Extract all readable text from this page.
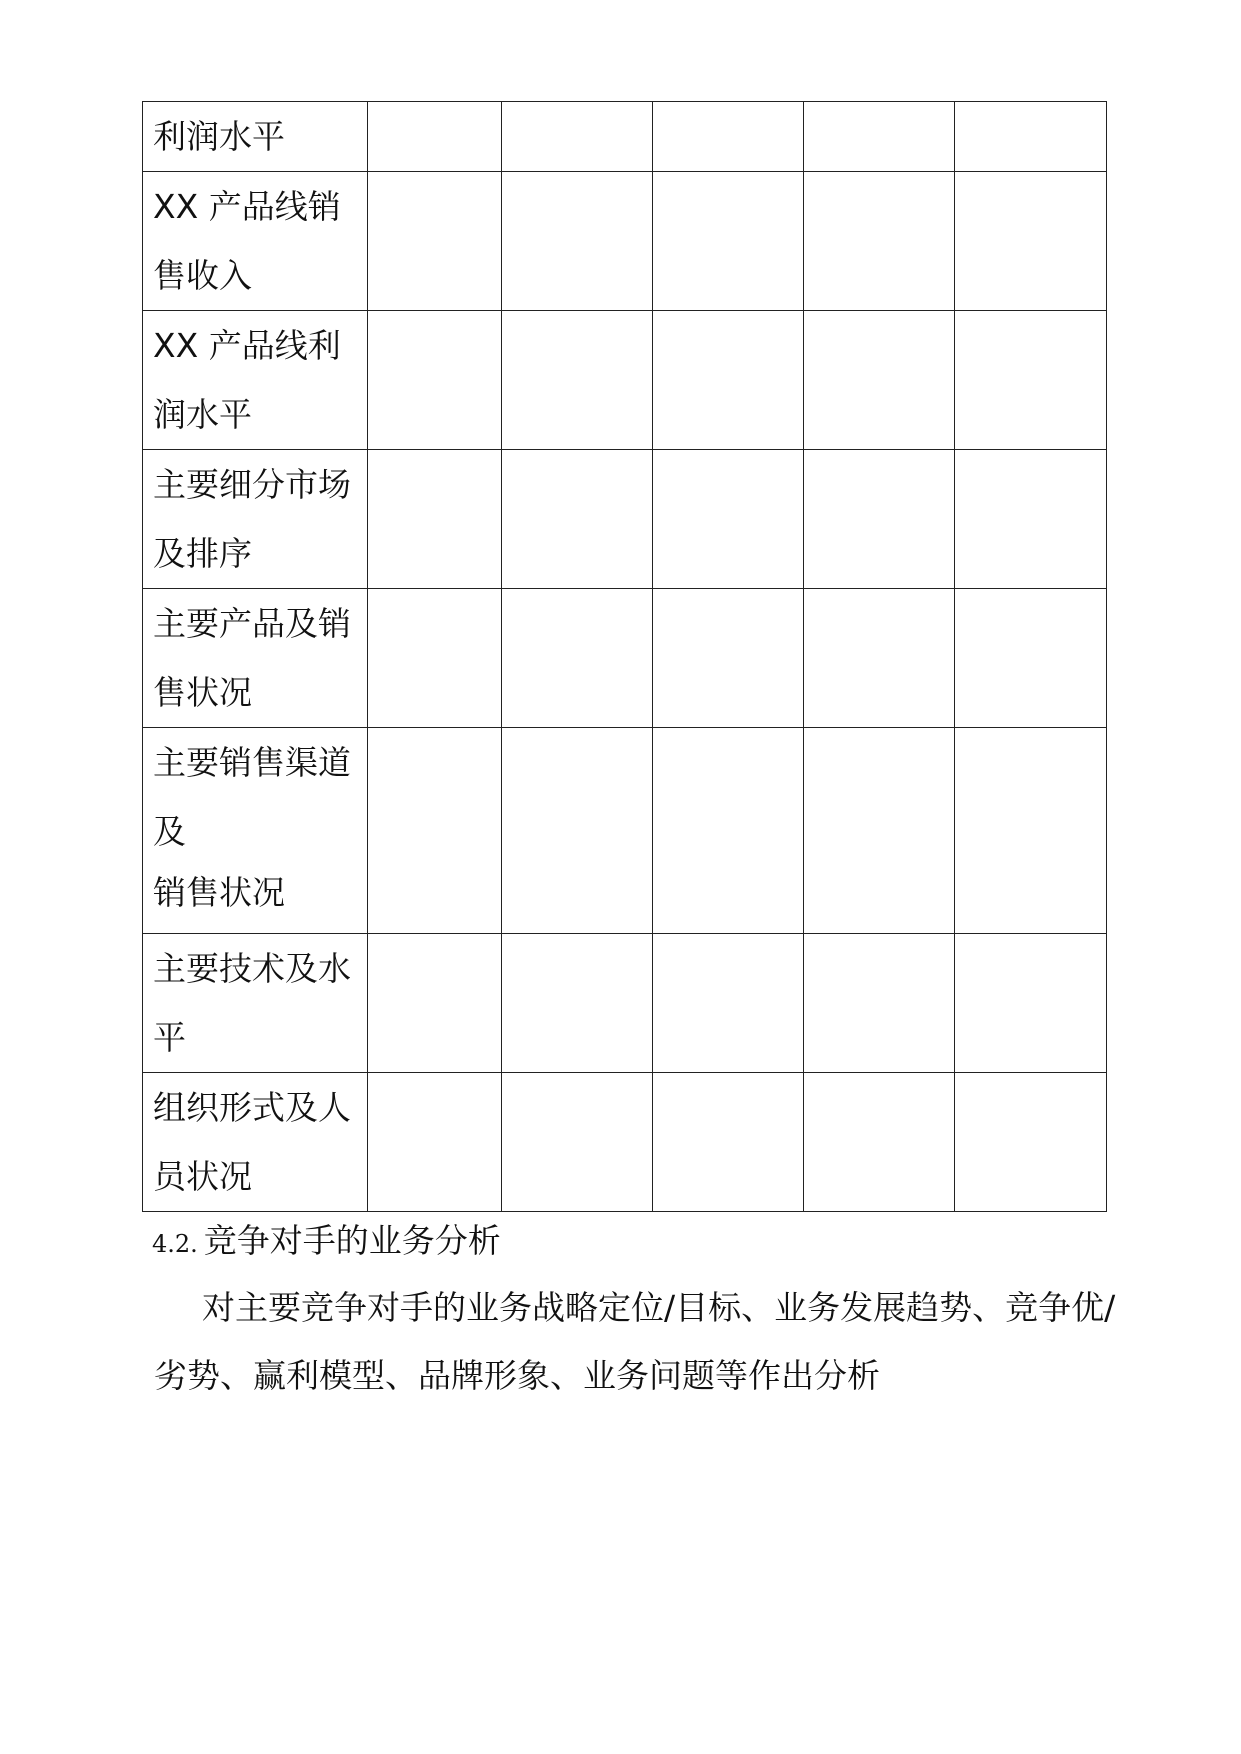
利润水平					

XX 产品线销售收入					

XX 产品线利润水平					

主要细分市场及排序					

主要产品及销售状况					

主要销售渠道及
销售状况					

主要技术及水平					

组织形式及人员状况					

4.2. 竞争对手的业务分析

对主要竞争对手的业务战略定位/目标、业务发展趋势、竞争优/劣势、赢利模型、品牌形象、业务问题等作出分析
